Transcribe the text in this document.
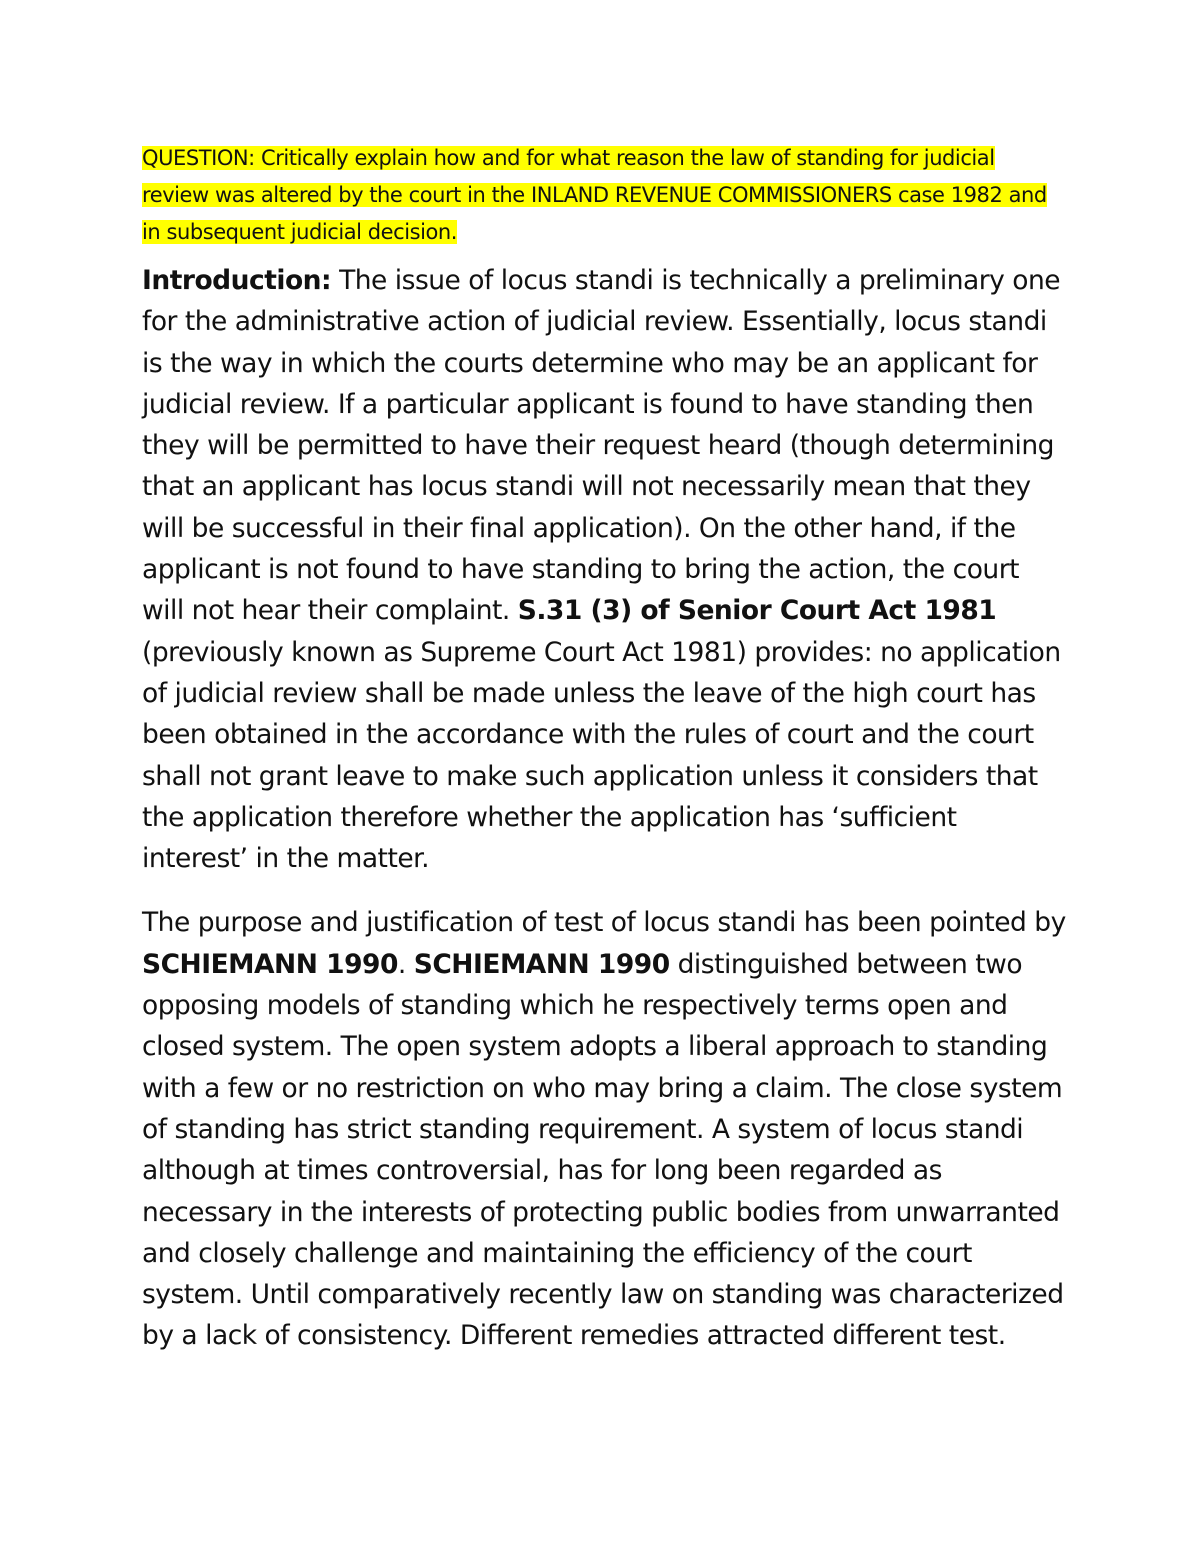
QUESTION: Critically explain how and for what reason the law of standing for judicial review was altered by the court in the INLAND REVENUE COMMISSIONERS case 1982 and in subsequent judicial decision.

Introduction: The issue of locus standi is technically a preliminary one for the administrative action of judicial review. Essentially, locus standi is the way in which the courts determine who may be an applicant for judicial review. If a particular applicant is found to have standing then they will be permitted to have their request heard (though determining that an applicant has locus standi will not necessarily mean that they will be successful in their final application). On the other hand, if the applicant is not found to have standing to bring the action, the court will not hear their complaint. S.31 (3) of Senior Court Act 1981 (previously known as Supreme Court Act 1981) provides: no application of judicial review shall be made unless the leave of the high court has been obtained in the accordance with the rules of court and the court shall not grant leave to make such application unless it considers that the application therefore whether the application has ‘sufficient interest’ in the matter.

The purpose and justification of test of locus standi has been pointed by SCHIEMANN 1990. SCHIEMANN 1990 distinguished between two opposing models of standing which he respectively terms open and closed system. The open system adopts a liberal approach to standing with a few or no restriction on who may bring a claim. The close system of standing has strict standing requirement. A system of locus standi although at times controversial, has for long been regarded as necessary in the interests of protecting public bodies from unwarranted and closely challenge and maintaining the efficiency of the court system. Until comparatively recently law on standing was characterized by a lack of consistency. Different remedies attracted different test.
